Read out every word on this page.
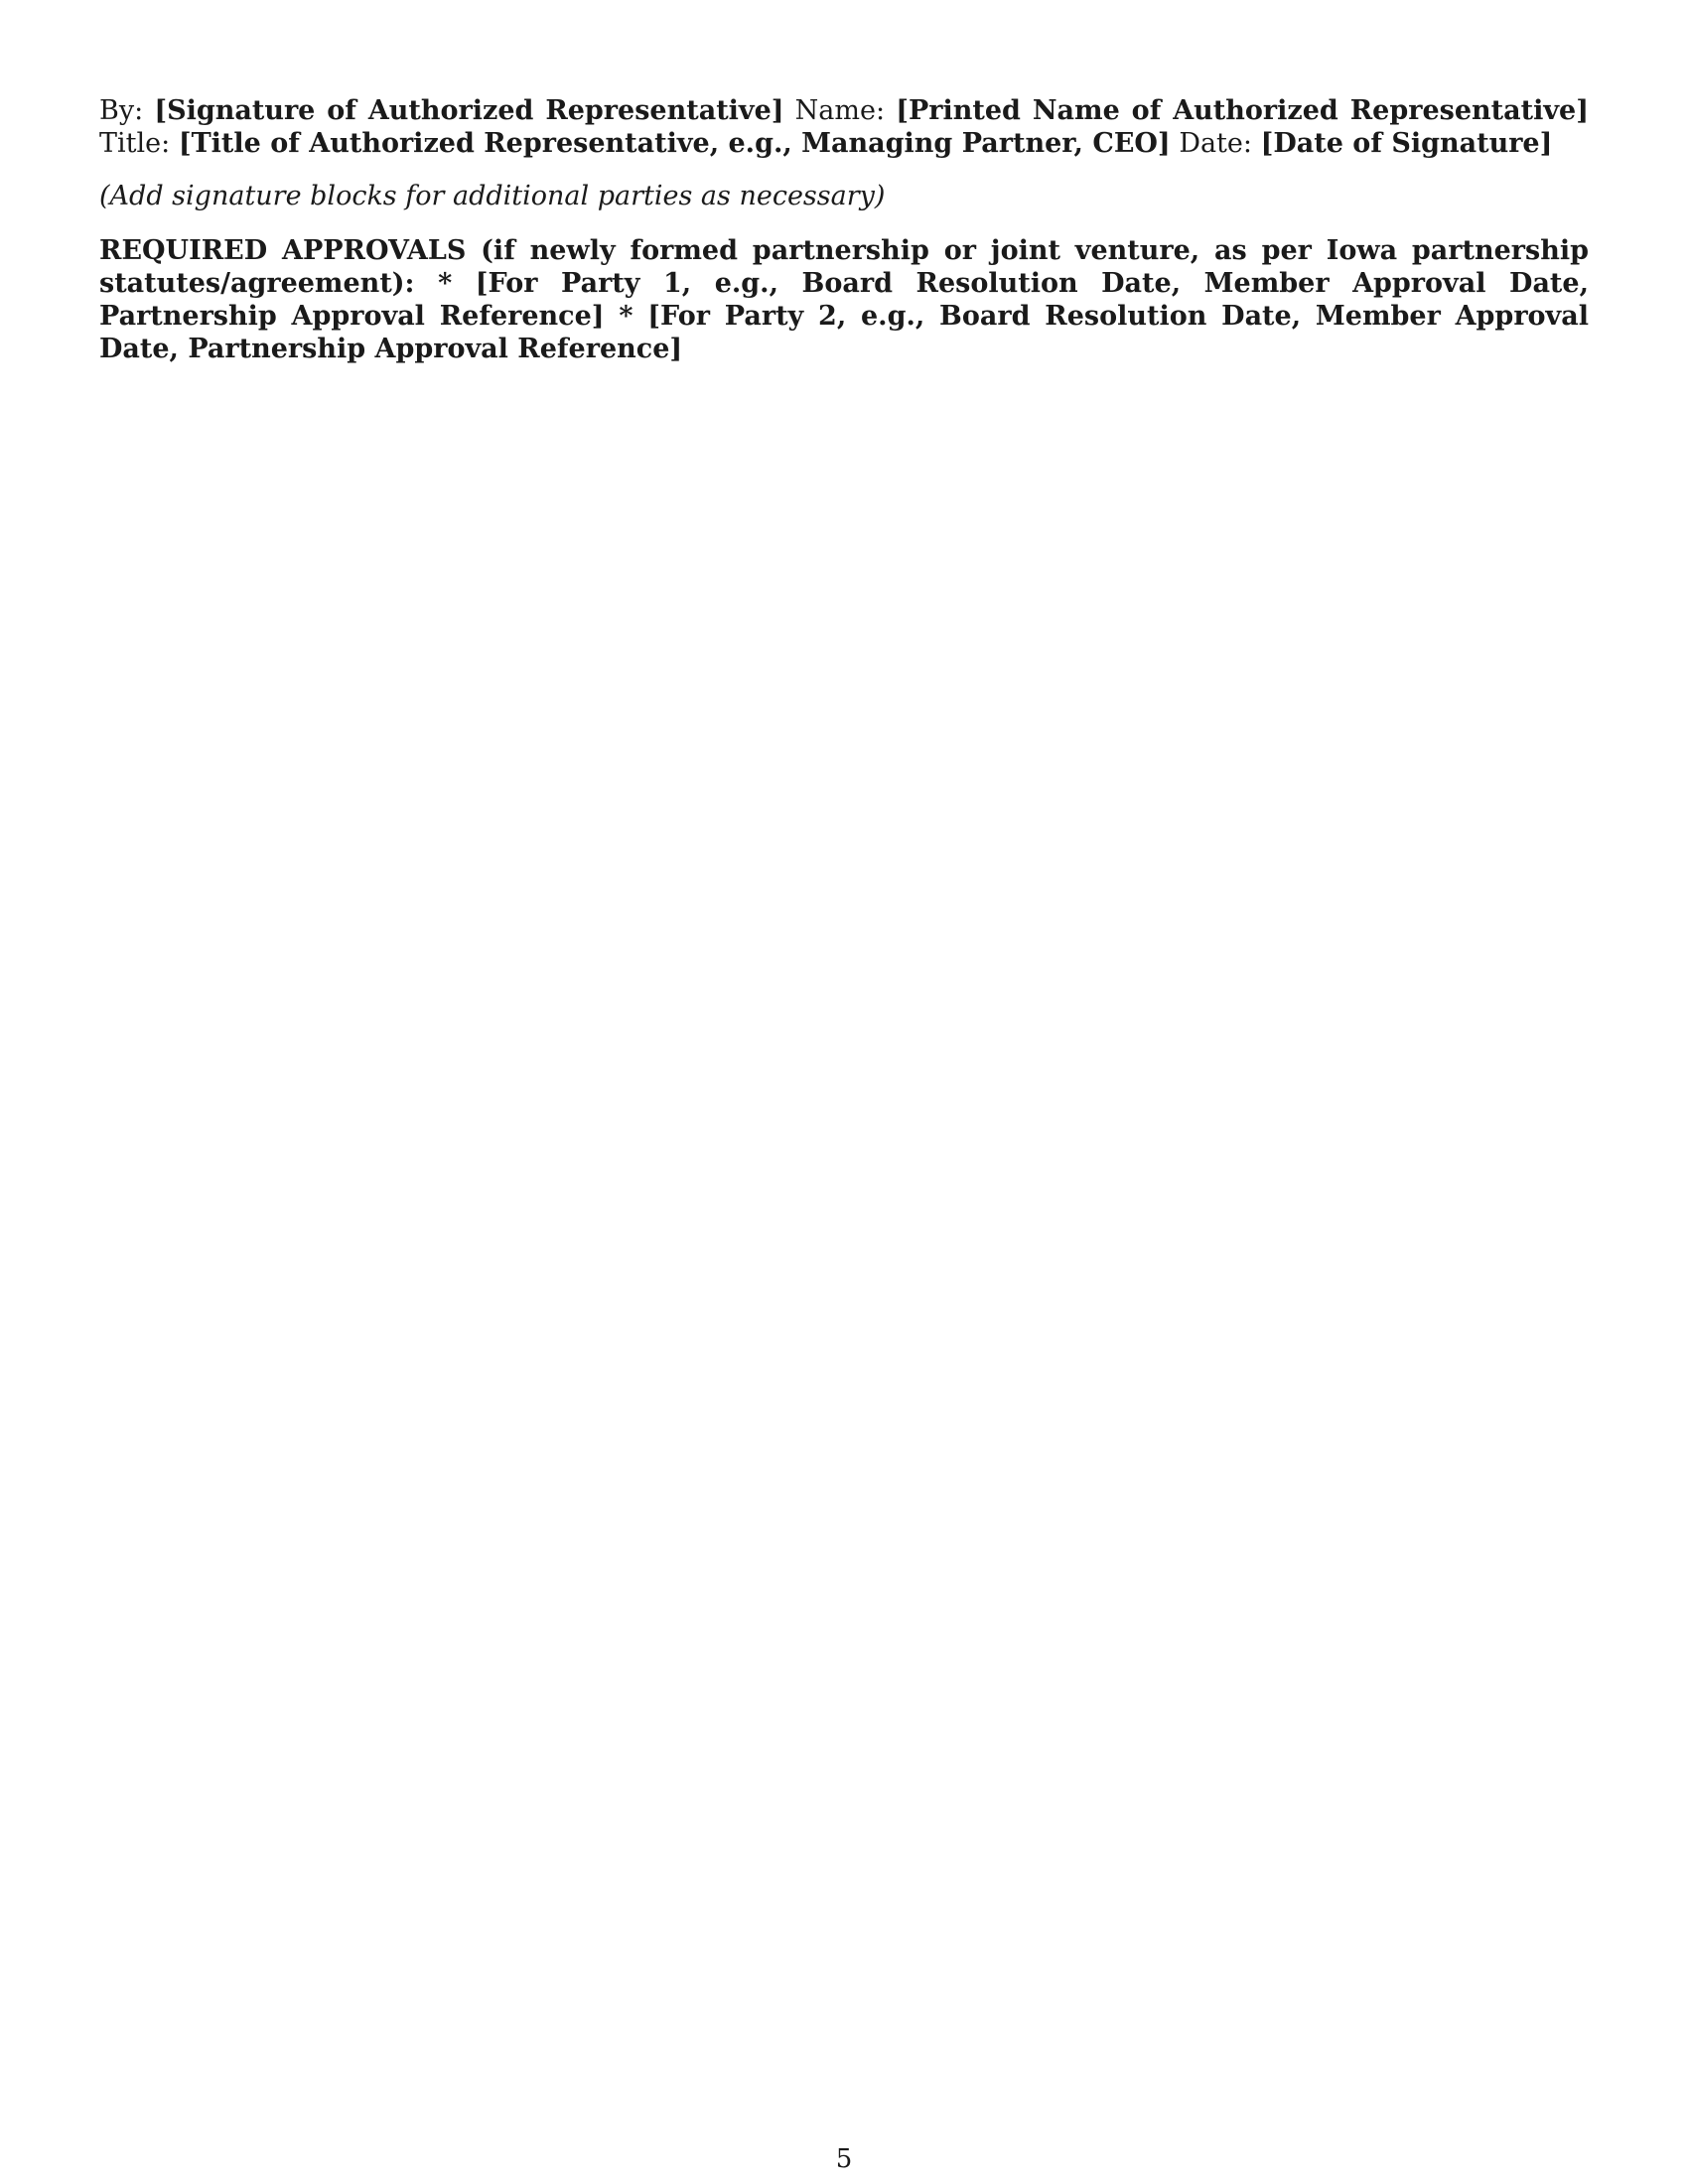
By: [Signature of Authorized Representative] Name: [Printed Name of Authorized Representative] Title: [Title of Authorized Representative, e.g., Managing Partner, CEO] Date: [Date of Signature]

(Add signature blocks for additional parties as necessary)

REQUIRED APPROVALS (if newly formed partnership or joint venture, as per Iowa partnership statutes/agreement): * [For Party 1, e.g., Board Resolution Date, Member Approval Date, Partnership Approval Reference] * [For Party 2, e.g., Board Resolution Date, Member Approval Date, Partnership Approval Reference]

5
